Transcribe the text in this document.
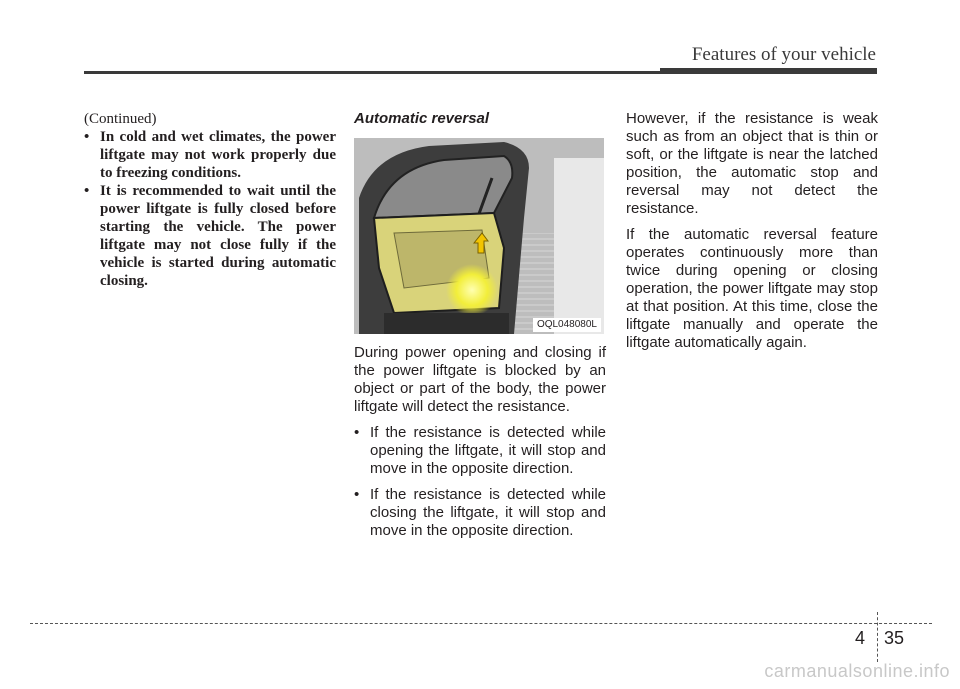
Features of your vehicle
(Continued)
• In cold and wet climates, the power liftgate may not work properly due to freezing conditions.
• It is recommended to wait until the power liftgate is fully closed before starting the vehicle. The power liftgate may not close fully if the vehicle is started during automatic closing.
Automatic reversal
OQL048080L

During power opening and closing if the power liftgate is blocked by an object or part of the body, the power liftgate will detect the resistance.

• If the resistance is detected while opening the liftgate, it will stop and move in the opposite direction.
• If the resistance is detected while closing the liftgate, it will stop and move in the opposite direction.

However, if the resistance is weak such as from an object that is thin or soft, or the liftgate is near the latched position, the automatic stop and reversal may not detect the resistance.

If the automatic reversal feature operates continuously more than twice during opening or closing operation, the power liftgate may stop at that position. At this time, close the liftgate manually and operate the liftgate automatically again.

4 35
carmanualsonline.info
